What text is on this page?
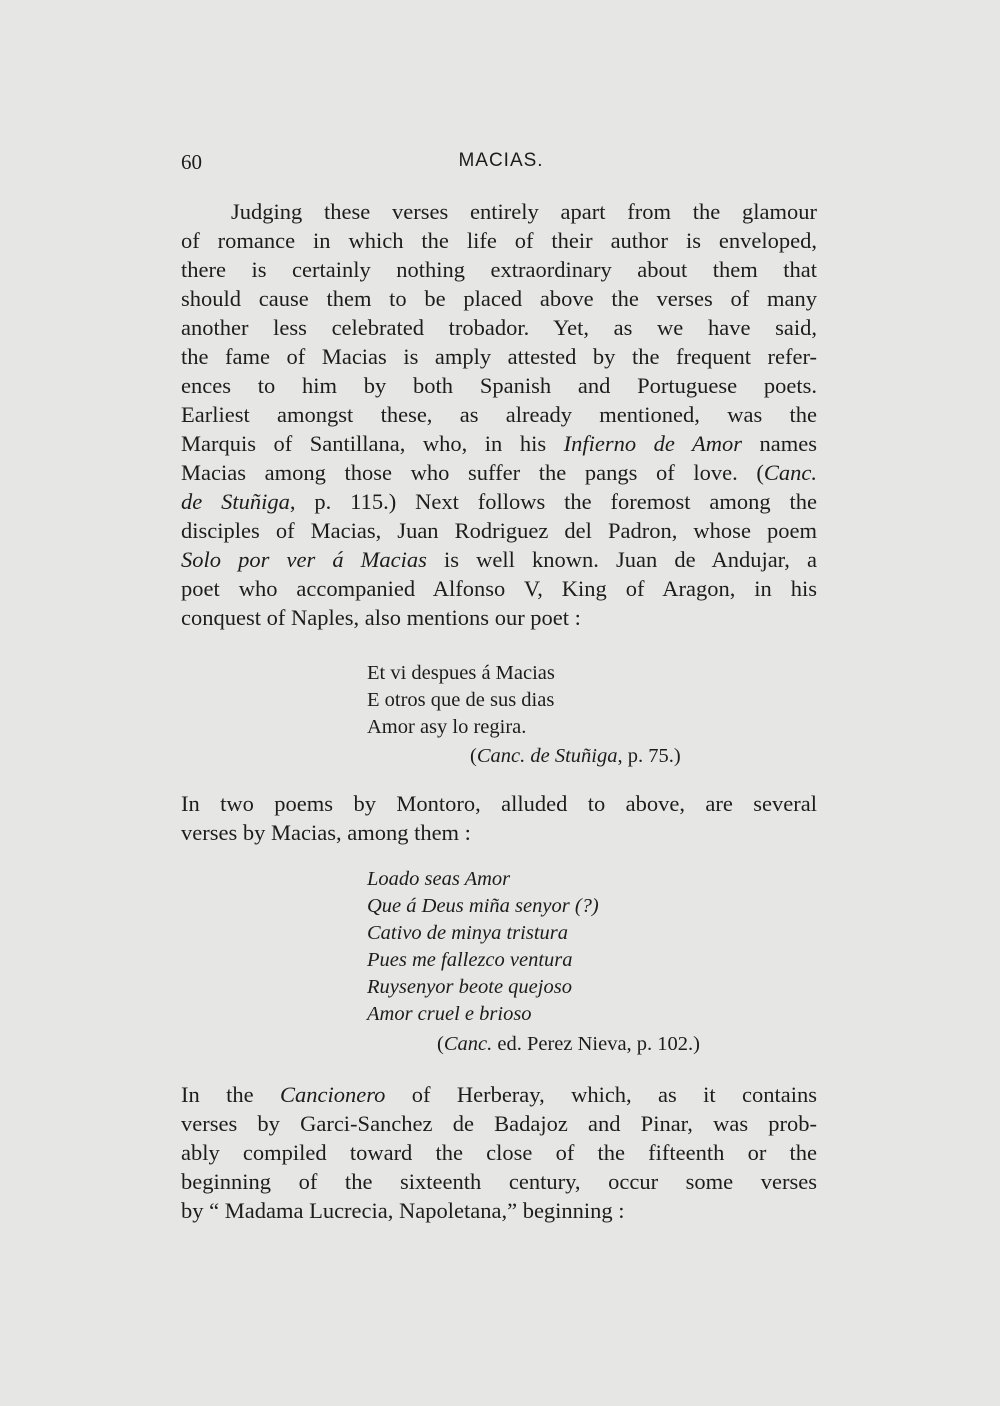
60	MACIAS.
Judging these verses entirely apart from the glamour
of romance in which the life of their author is enveloped,
there is certainly nothing extraordinary about them that
should cause them to be placed above the verses of many
another less celebrated trobador. Yet, as we have said,
the fame of Macias is amply attested by the frequent refer-
ences to him by both Spanish and Portuguese poets.
Earliest amongst these, as already mentioned, was the
Marquis of Santillana, who, in his Infierno de Amor names
Macias among those who suffer the pangs of love. (Canc.
de Stuñiga, p. 115.) Next follows the foremost among the
disciples of Macias, Juan Rodriguez del Padron, whose poem
Solo por ver á Macias is well known. Juan de Andujar, a
poet who accompanied Alfonso V, King of Aragon, in his
conquest of Naples, also mentions our poet :
Et vi despues á Macias
E otros que de sus dias
Amor asy lo regira.
(Canc. de Stuñiga, p. 75.)
In two poems by Montoro, alluded to above, are several
verses by Macias, among them :
Loado seas Amor
Que á Deus miña senyor (?)
Cativo de minya tristura
Pues me fallezco ventura
Ruysenyor beote quejoso
Amor cruel e brioso
(Canc. ed. Perez Nieva, p. 102.)
In the Cancionero of Herberay, which, as it contains
verses by Garci-Sanchez de Badajoz and Pinar, was prob-
ably compiled toward the close of the fifteenth or the
beginning of the sixteenth century, occur some verses
by “ Madama Lucrecia, Napoletana,” beginning :
